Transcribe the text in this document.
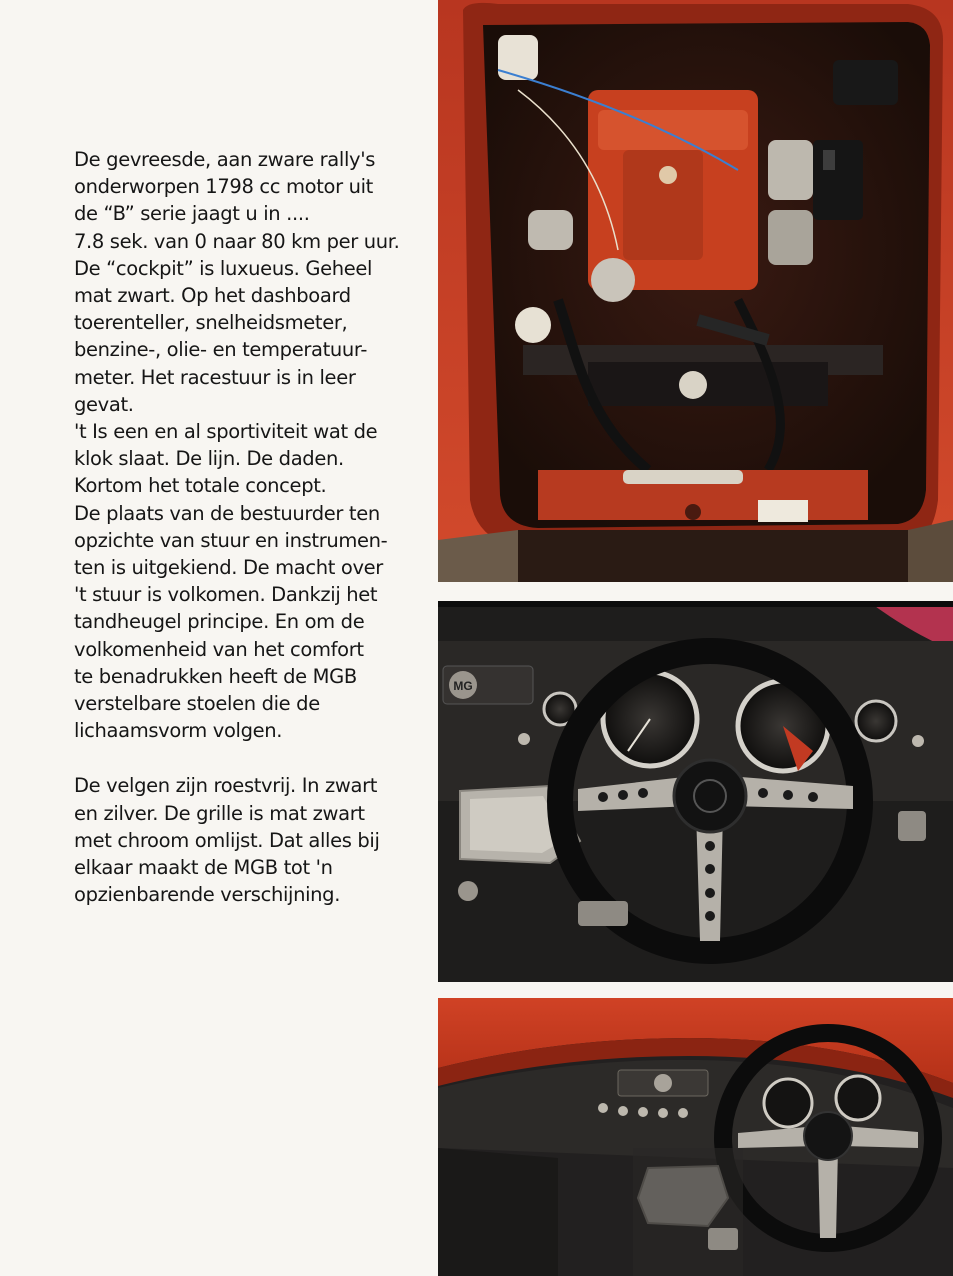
De gevreesde, aan zware rally's

onderworpen 1798 cc motor uit

de “B” serie jaagt u in ....

7.8 sek. van 0 naar 80 km per uur.

De “cockpit” is luxueus. Geheel

mat zwart. Op het dashboard

toerenteller, snelheidsmeter,

benzine-, olie- en temperatuur-

meter. Het racestuur is in leer

gevat.

't Is een en al sportiviteit wat de

klok slaat. De lijn. De daden.

Kortom het totale concept.

De plaats van de bestuurder ten

opzichte van stuur en instrumen-

ten is uitgekiend. De macht over

't stuur is volkomen. Dankzij het

tandheugel principe. En om de

volkomenheid van het comfort

te benadrukken heeft de MGB

verstelbare stoelen die de

lichaamsvorm volgen.

De velgen zijn roestvrij. In zwart

en zilver. De grille is mat zwart

met chroom omlijst. Dat alles bij

elkaar maakt de MGB tot 'n

opzienbarende verschijning.

MG
